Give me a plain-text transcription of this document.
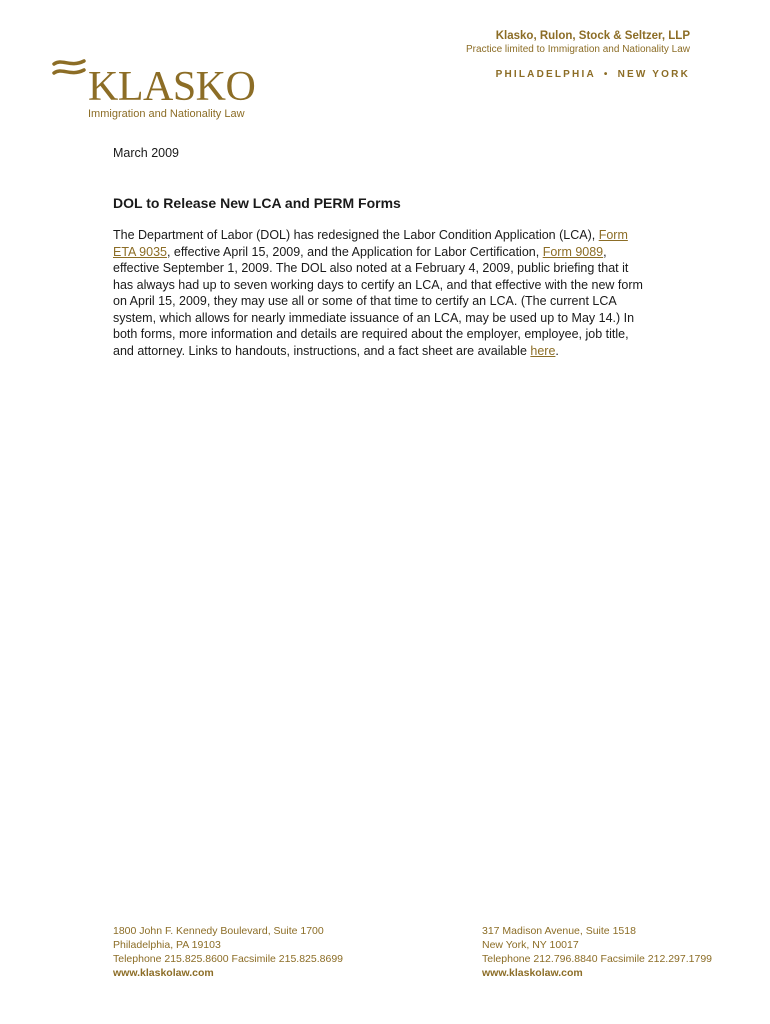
KLASKO
Immigration and Nationality Law
Klasko, Rulon, Stock & Seltzer, LLP
Practice limited to Immigration and Nationality Law
PHILADELPHIA • NEW YORK

March 2009

DOL to Release New LCA and PERM Forms
The Department of Labor (DOL) has redesigned the Labor Condition Application (LCA), Form ETA 9035, effective April 15, 2009, and the Application for Labor Certification, Form 9089, effective September 1, 2009. The DOL also noted at a February 4, 2009, public briefing that it has always had up to seven working days to certify an LCA, and that effective with the new form on April 15, 2009, they may use all or some of that time to certify an LCA. (The current LCA system, which allows for nearly immediate issuance of an LCA, may be used up to May 14.) In both forms, more information and details are required about the employer, employee, job title, and attorney. Links to handouts, instructions, and a fact sheet are available here.
1800 John F. Kennedy Boulevard, Suite 1700
Philadelphia, PA 19103
Telephone 215.825.8600 Facsimile 215.825.8699
www.klaskolaw.com
317 Madison Avenue, Suite 1518
New York, NY 10017
Telephone 212.796.8840 Facsimile 212.297.1799
www.klaskolaw.com
